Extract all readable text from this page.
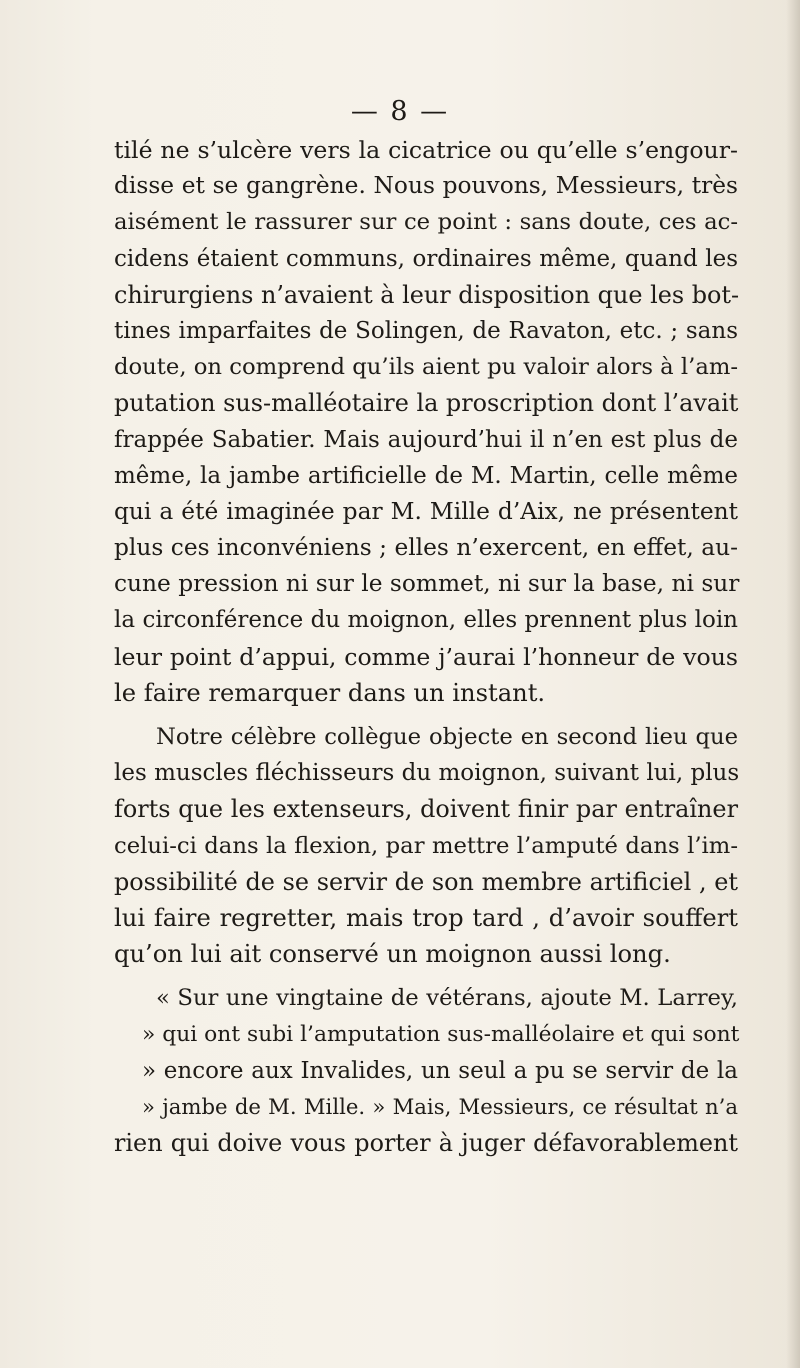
— 8 —
tilé ne s’ulcère vers la cicatrice ou qu’elle s’engour-
disse et se gangrène. Nous pouvons, Messieurs, très
aisément le rassurer sur ce point : sans doute, ces ac-
cidens étaient communs, ordinaires même, quand les
chirurgiens n’avaient à leur disposition que les bot-
tines imparfaites de Solingen, de Ravaton, etc. ; sans
doute, on comprend qu’ils aient pu valoir alors à l’am-
putation sus-malléotaire la proscription dont l’avait
frappée Sabatier. Mais aujourd’hui il n’en est plus de
même, la jambe artificielle de M. Martin, celle même
qui a été imaginée par M. Mille d’Aix, ne présentent
plus ces inconvéniens ; elles n’exercent, en effet, au-
cune pression ni sur le sommet, ni sur la base, ni sur
la circonférence du moignon, elles prennent plus loin
leur point d’appui, comme j’aurai l’honneur de vous
le faire remarquer dans un instant.
Notre célèbre collègue objecte en second lieu que
les muscles fléchisseurs du moignon, suivant lui, plus
forts que les extenseurs, doivent finir par entraîner
celui-ci dans la flexion, par mettre l’amputé dans l’im-
possibilité de se servir de son membre artificiel , et
lui faire regretter, mais trop tard , d’avoir souffert
qu’on lui ait conservé un moignon aussi long.
« Sur une vingtaine de vétérans, ajoute M. Larrey,
» qui ont subi l’amputation sus-malléolaire et qui sont
» encore aux Invalides, un seul a pu se servir de la
» jambe de M. Mille. » Mais, Messieurs, ce résultat n’a
rien qui doive vous porter à juger défavorablement
